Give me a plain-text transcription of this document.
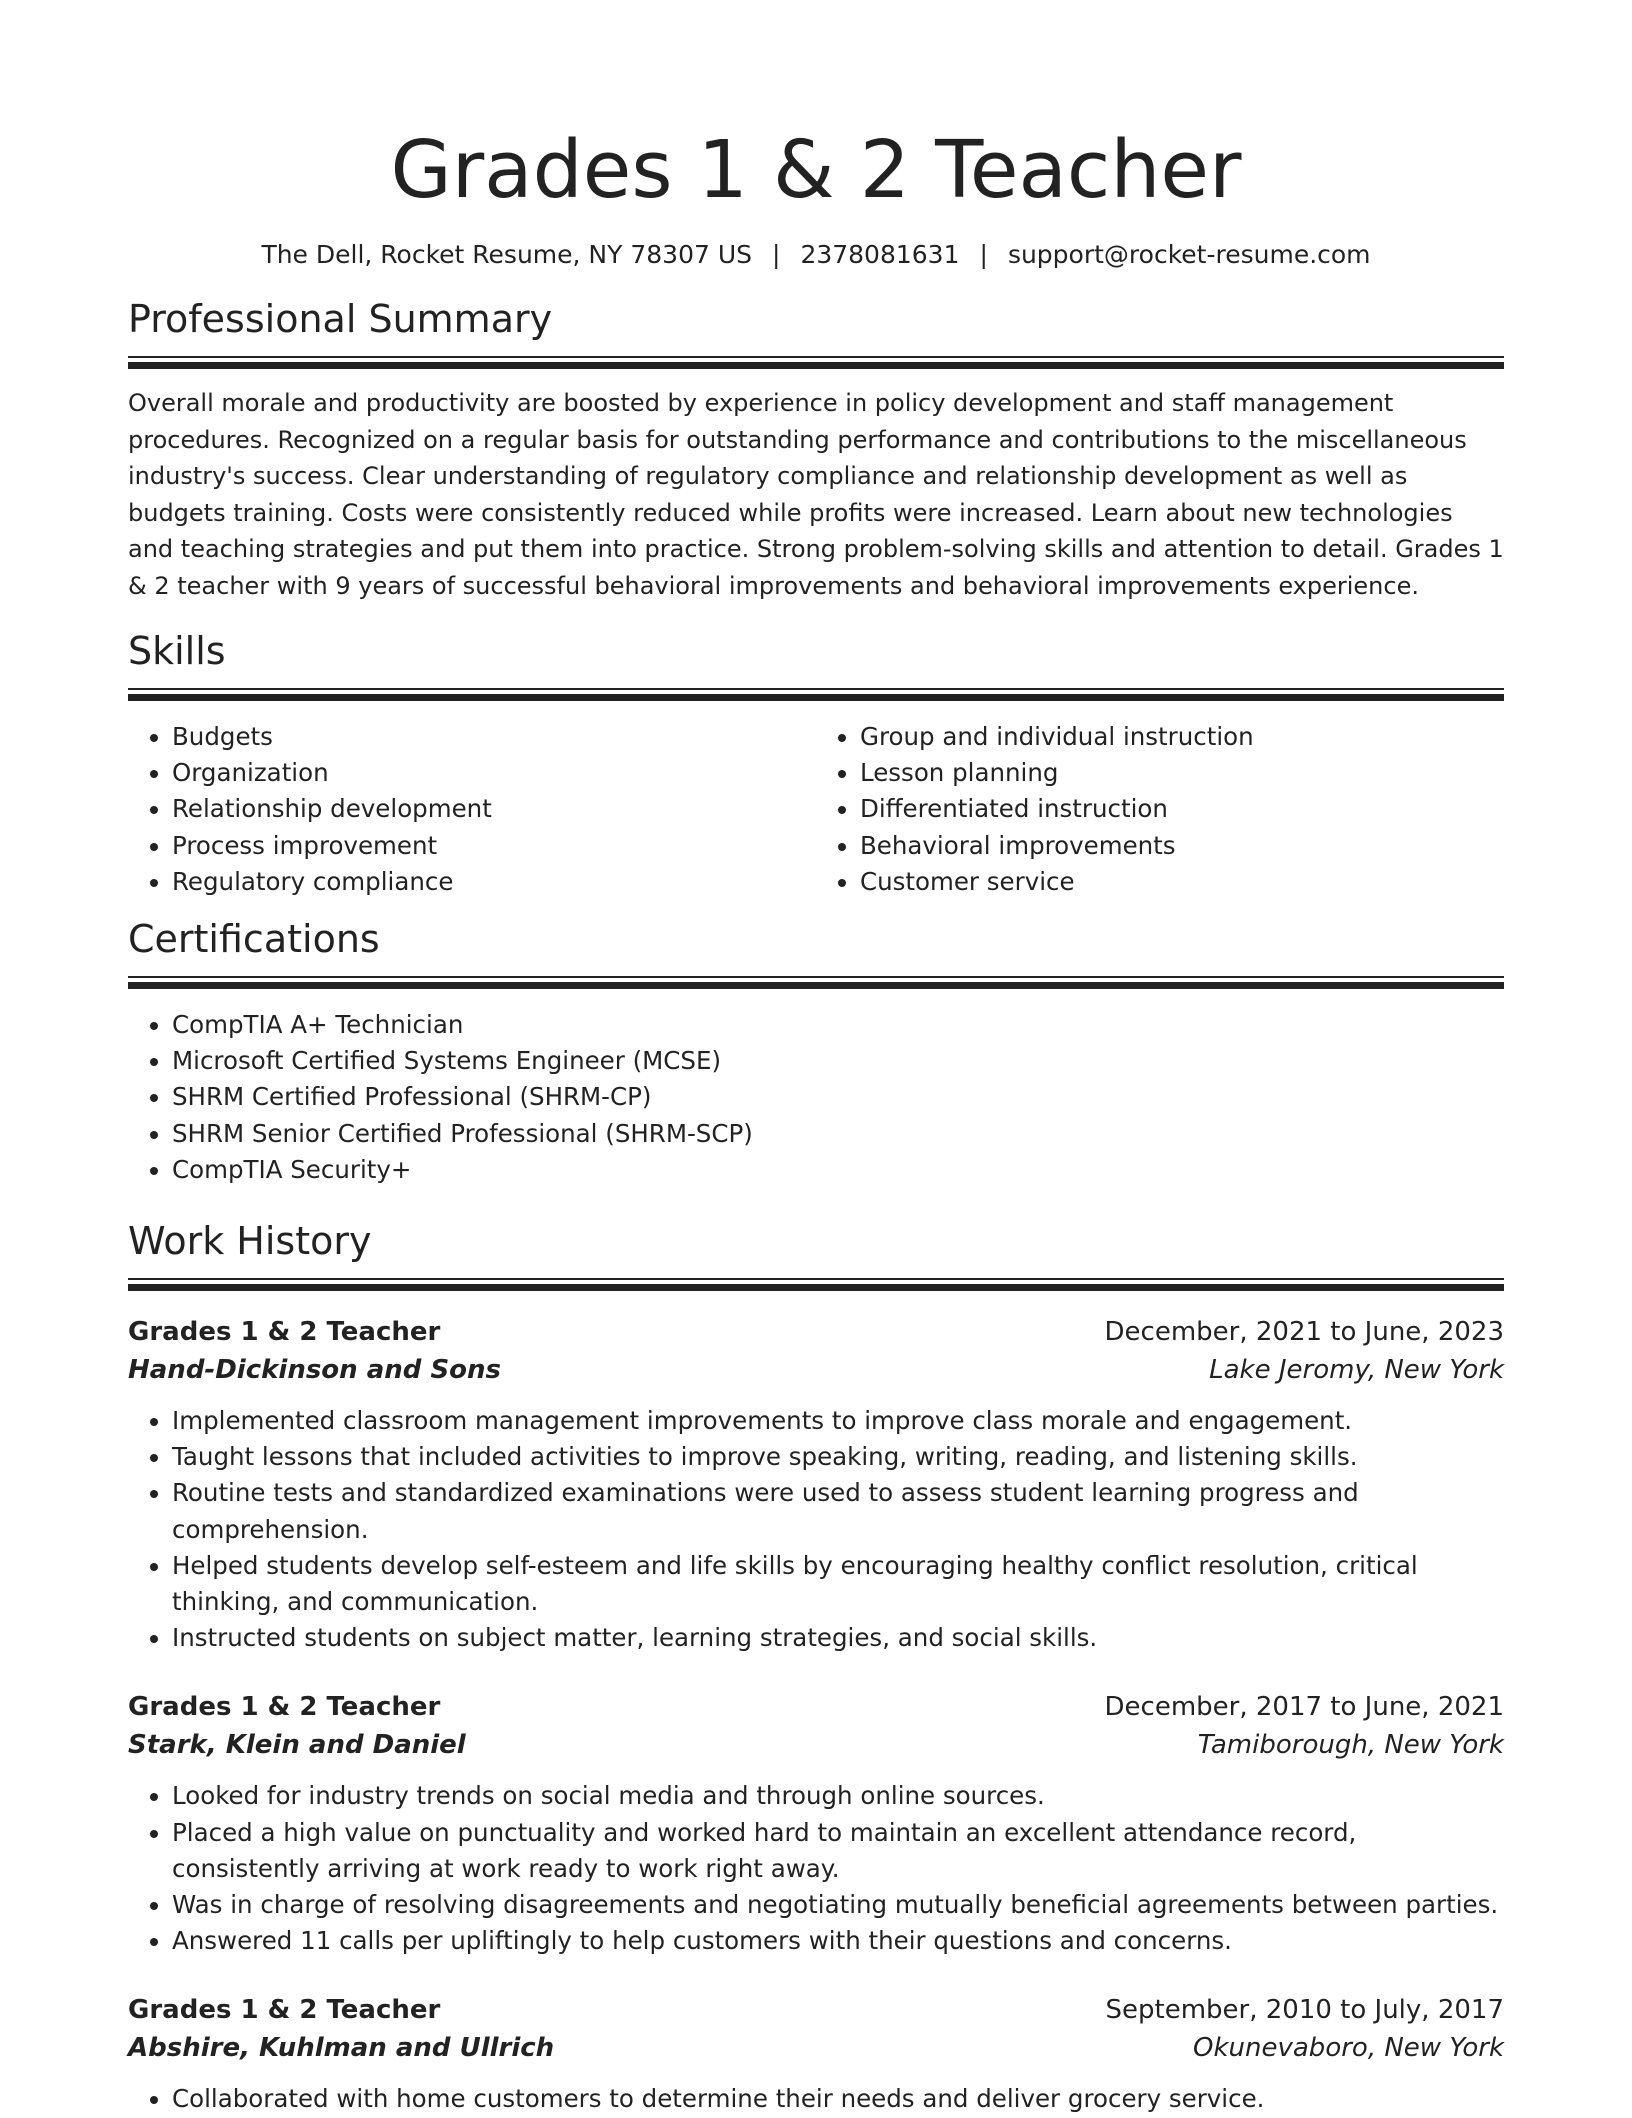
Grades 1 & 2 Teacher
The Dell, Rocket Resume, NY 78307 US | 2378081631 | support@rocket-resume.com
Professional Summary

Overall morale and productivity are boosted by experience in policy development and staff management procedures. Recognized on a regular basis for outstanding performance and contributions to the miscellaneous industry's success. Clear understanding of regulatory compliance and relationship development as well as budgets training. Costs were consistently reduced while profits were increased. Learn about new technologies and teaching strategies and put them into practice. Strong problem-solving skills and attention to detail. Grades 1 & 2 teacher with 9 years of successful behavioral improvements and behavioral improvements experience.

Skills
• Budgets
• Organization
• Relationship development
• Process improvement
• Regulatory compliance
• Group and individual instruction
• Lesson planning
• Differentiated instruction
• Behavioral improvements
• Customer service
Certifications
• CompTIA A+ Technician
• Microsoft Certified Systems Engineer (MCSE)
• SHRM Certified Professional (SHRM-CP)
• SHRM Senior Certified Professional (SHRM-SCP)
• CompTIA Security+
Work History
Grades 1 & 2 Teacher	December, 2021 to June, 2023
Hand-Dickinson and Sons	Lake Jeromy, New York
• Implemented classroom management improvements to improve class morale and engagement.
• Taught lessons that included activities to improve speaking, writing, reading, and listening skills.
• Routine tests and standardized examinations were used to assess student learning progress and comprehension.
• Helped students develop self-esteem and life skills by encouraging healthy conflict resolution, critical thinking, and communication.
• Instructed students on subject matter, learning strategies, and social skills.
Grades 1 & 2 Teacher	December, 2017 to June, 2021
Stark, Klein and Daniel	Tamiborough, New York
• Looked for industry trends on social media and through online sources.
• Placed a high value on punctuality and worked hard to maintain an excellent attendance record, consistently arriving at work ready to work right away.
• Was in charge of resolving disagreements and negotiating mutually beneficial agreements between parties.
• Answered 11 calls per upliftingly to help customers with their questions and concerns.
Grades 1 & 2 Teacher	September, 2010 to July, 2017
Abshire, Kuhlman and Ullrich	Okunevaboro, New York
• Collaborated with home customers to determine their needs and deliver grocery service.
